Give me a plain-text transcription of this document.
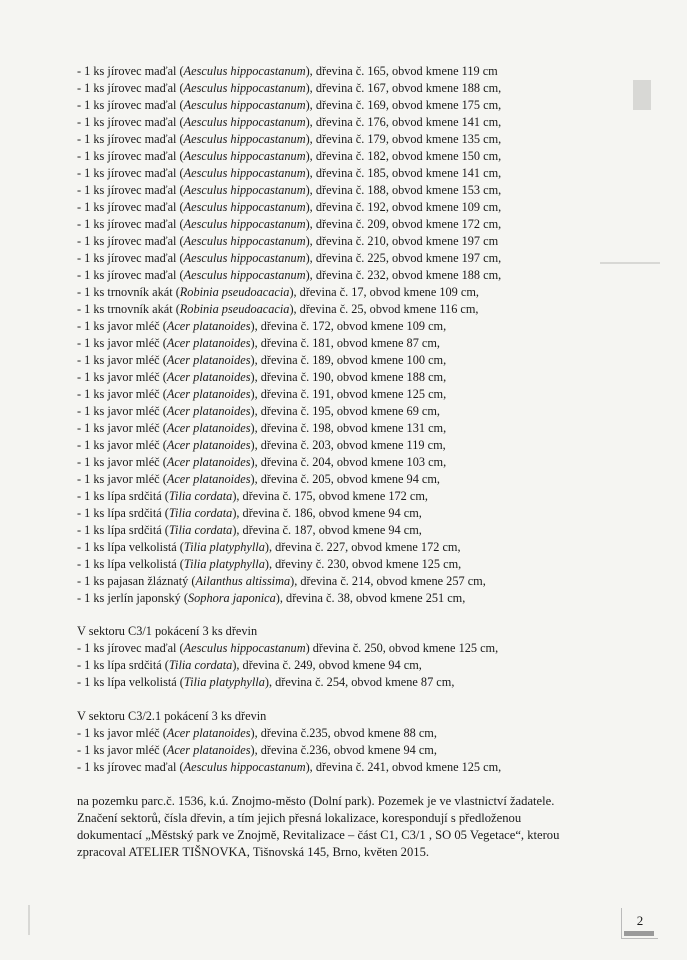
- 1 ks jírovec maďal (Aesculus hippocastanum), dřevina č. 165, obvod kmene 119 cm
- 1 ks jírovec maďal (Aesculus hippocastanum), dřevina č. 167, obvod kmene 188 cm,
- 1 ks jírovec maďal (Aesculus hippocastanum), dřevina č. 169, obvod kmene 175 cm,
- 1 ks jírovec maďal (Aesculus hippocastanum), dřevina č. 176, obvod kmene 141 cm,
- 1 ks jírovec maďal (Aesculus hippocastanum), dřevina č. 179, obvod kmene 135 cm,
- 1 ks jírovec maďal (Aesculus hippocastanum), dřevina č. 182, obvod kmene 150 cm,
- 1 ks jírovec maďal (Aesculus hippocastanum), dřevina č. 185, obvod kmene 141 cm,
- 1 ks jírovec maďal (Aesculus hippocastanum), dřevina č. 188, obvod kmene 153 cm,
- 1 ks jírovec maďal (Aesculus hippocastanum), dřevina č. 192, obvod kmene 109 cm,
- 1 ks jírovec maďal (Aesculus hippocastanum), dřevina č. 209, obvod kmene 172 cm,
- 1 ks jírovec maďal (Aesculus hippocastanum), dřevina č. 210, obvod kmene 197 cm
- 1 ks jírovec maďal (Aesculus hippocastanum), dřevina č. 225, obvod kmene 197 cm,
- 1 ks jírovec maďal (Aesculus hippocastanum), dřevina č. 232, obvod kmene 188 cm,
- 1 ks trnovník akát (Robinia pseudoacacia), dřevina č. 17, obvod kmene 109 cm,
- 1 ks trnovník akát (Robinia pseudoacacia), dřevina č. 25, obvod kmene 116 cm,
- 1 ks javor mléč (Acer platanoides), dřevina č. 172, obvod kmene 109 cm,
- 1 ks javor mléč (Acer platanoides), dřevina č. 181, obvod kmene 87 cm,
- 1 ks javor mléč (Acer platanoides), dřevina č. 189, obvod kmene 100 cm,
- 1 ks javor mléč (Acer platanoides), dřevina č. 190, obvod kmene 188 cm,
- 1 ks javor mléč (Acer platanoides), dřevina č. 191, obvod kmene 125 cm,
- 1 ks javor mléč (Acer platanoides), dřevina č. 195, obvod kmene 69 cm,
- 1 ks javor mléč (Acer platanoides), dřevina č. 198, obvod kmene 131 cm,
- 1 ks javor mléč (Acer platanoides), dřevina č. 203, obvod kmene 119 cm,
- 1 ks javor mléč (Acer platanoides), dřevina č. 204, obvod kmene 103 cm,
- 1 ks javor mléč (Acer platanoides), dřevina č. 205, obvod kmene 94 cm,
- 1 ks lípa srdčitá (Tilia cordata), dřevina č. 175, obvod kmene 172 cm,
- 1 ks lípa srdčitá (Tilia cordata), dřevina č. 186, obvod kmene 94 cm,
- 1 ks lípa srdčitá (Tilia cordata), dřevina č. 187, obvod kmene 94 cm,
- 1 ks lípa velkolistá (Tilia platyphylla), dřevina č. 227, obvod kmene 172 cm,
- 1 ks lípa velkolistá (Tilia platyphylla), dřeviny č. 230, obvod kmene 125 cm,
- 1 ks pajasan žláznatý (Ailanthus altissima), dřevina č. 214, obvod kmene 257 cm,
- 1 ks jerlín japonský (Sophora japonica), dřevina č. 38, obvod kmene 251 cm,
V sektoru C3/1 pokácení 3 ks dřevin
- 1 ks jírovec maďal (Aesculus hippocastanum) dřevina č. 250, obvod kmene 125 cm,
- 1 ks lípa srdčitá (Tilia cordata), dřevina č. 249, obvod kmene 94 cm,
- 1 ks lípa velkolistá (Tilia platyphylla), dřevina č. 254, obvod kmene 87 cm,
V sektoru C3/2.1 pokácení 3 ks dřevin
- 1 ks javor mléč (Acer platanoides), dřevina č.235, obvod kmene 88 cm,
- 1 ks javor mléč (Acer platanoides), dřevina č.236, obvod kmene 94 cm,
- 1 ks jírovec maďal (Aesculus hippocastanum), dřevina č. 241, obvod kmene 125 cm,
na pozemku parc.č. 1536, k.ú. Znojmo-město (Dolní park). Pozemek je ve vlastnictví žadatele.
Značení sektorů, čísla dřevin, a tím jejich přesná lokalizace, korespondují s předloženou
dokumentací „Městský park ve Znojmě, Revitalizace – část C1, C3/1 , SO 05 Vegetace“, kterou
zpracoval ATELIER TIŠNOVKA, Tišnovská 145, Brno, květen 2015.
2
